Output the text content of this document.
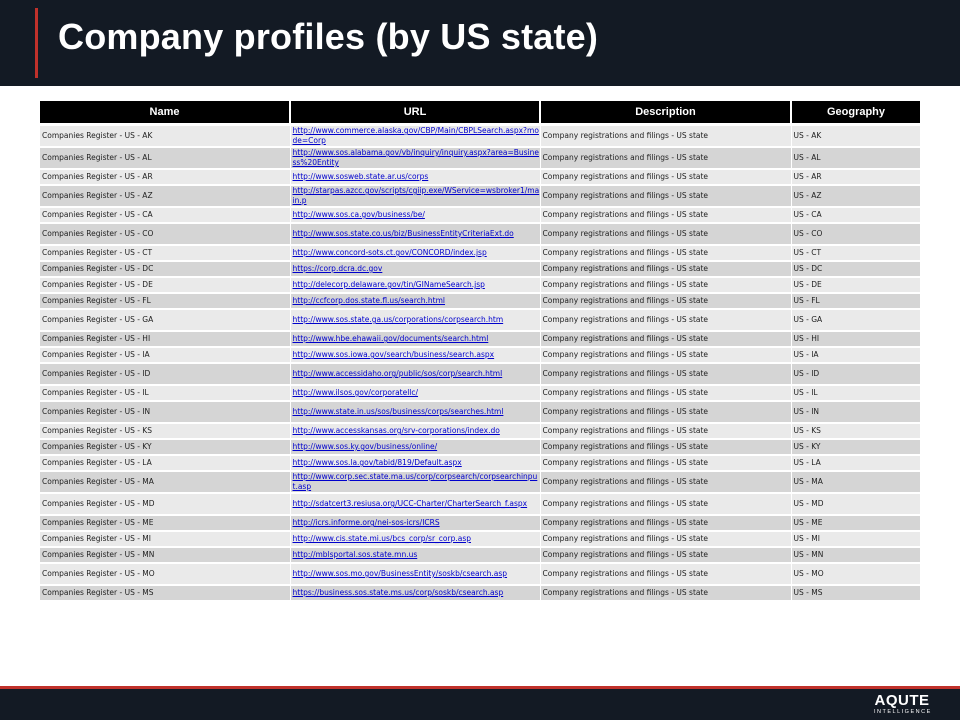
Company profiles (by US state)
Name	URL	Description	Geography
Companies Register - US - AK	http://www.commerce.alaska.gov/CBP/Main/CBPLSearch.aspx?mode=Corp	Company registrations and filings - US state	US - AK
Companies Register - US - AL	http://www.sos.alabama.gov/vb/inquiry/inquiry.aspx?area=Business%20Entity	Company registrations and filings - US state	US - AL
Companies Register - US - AR	http://www.sosweb.state.ar.us/corps	Company registrations and filings - US state	US - AR
Companies Register - US - AZ	http://starpas.azcc.gov/scripts/cgiip.exe/WService=wsbroker1/main.p	Company registrations and filings - US state	US - AZ
Companies Register - US - CA	http://www.sos.ca.gov/business/be/	Company registrations and filings - US state	US - CA
Companies Register - US - CO	http://www.sos.state.co.us/biz/BusinessEntityCriteriaExt.do	Company registrations and filings - US state	US - CO
Companies Register - US - CT	http://www.concord-sots.ct.gov/CONCORD/index.jsp	Company registrations and filings - US state	US - CT
Companies Register - US - DC	https://corp.dcra.dc.gov	Company registrations and filings - US state	US - DC
Companies Register - US - DE	http://delecorp.delaware.gov/tin/GINameSearch.jsp	Company registrations and filings - US state	US - DE
Companies Register - US - FL	http://ccfcorp.dos.state.fl.us/search.html	Company registrations and filings - US state	US - FL
Companies Register - US - GA	http://www.sos.state.ga.us/corporations/corpsearch.htm	Company registrations and filings - US state	US - GA
Companies Register - US - HI	http://www.hbe.ehawaii.gov/documents/search.html	Company registrations and filings - US state	US - HI
Companies Register - US - IA	http://www.sos.iowa.gov/search/business/search.aspx	Company registrations and filings - US state	US - IA
Companies Register - US - ID	http://www.accessidaho.org/public/sos/corp/search.html	Company registrations and filings - US state	US - ID
Companies Register - US - IL	http://www.ilsos.gov/corporatellc/	Company registrations and filings - US state	US - IL
Companies Register - US - IN	http://www.state.in.us/sos/business/corps/searches.html	Company registrations and filings - US state	US - IN
Companies Register - US - KS	http://www.accesskansas.org/srv-corporations/index.do	Company registrations and filings - US state	US - KS
Companies Register - US - KY	http://www.sos.ky.gov/business/online/	Company registrations and filings - US state	US - KY
Companies Register - US - LA	http://www.sos.la.gov/tabid/819/Default.aspx	Company registrations and filings - US state	US - LA
Companies Register - US - MA	http://www.corp.sec.state.ma.us/corp/corpsearch/corpsearchinput.asp	Company registrations and filings - US state	US - MA
Companies Register - US - MD	http://sdatcert3.resiusa.org/UCC-Charter/CharterSearch_f.aspx	Company registrations and filings - US state	US - MD
Companies Register - US - ME	http://icrs.informe.org/nei-sos-icrs/ICRS	Company registrations and filings - US state	US - ME
Companies Register - US - MI	http://www.cis.state.mi.us/bcs_corp/sr_corp.asp	Company registrations and filings - US state	US - MI
Companies Register - US - MN	http://mblsportal.sos.state.mn.us	Company registrations and filings - US state	US - MN
Companies Register - US - MO	http://www.sos.mo.gov/BusinessEntity/soskb/csearch.asp	Company registrations and filings - US state	US - MO
Companies Register - US - MS	https://business.sos.state.ms.us/corp/soskb/csearch.asp	Company registrations and filings - US state	US - MS
AQUTE
INTELLIGENCE
